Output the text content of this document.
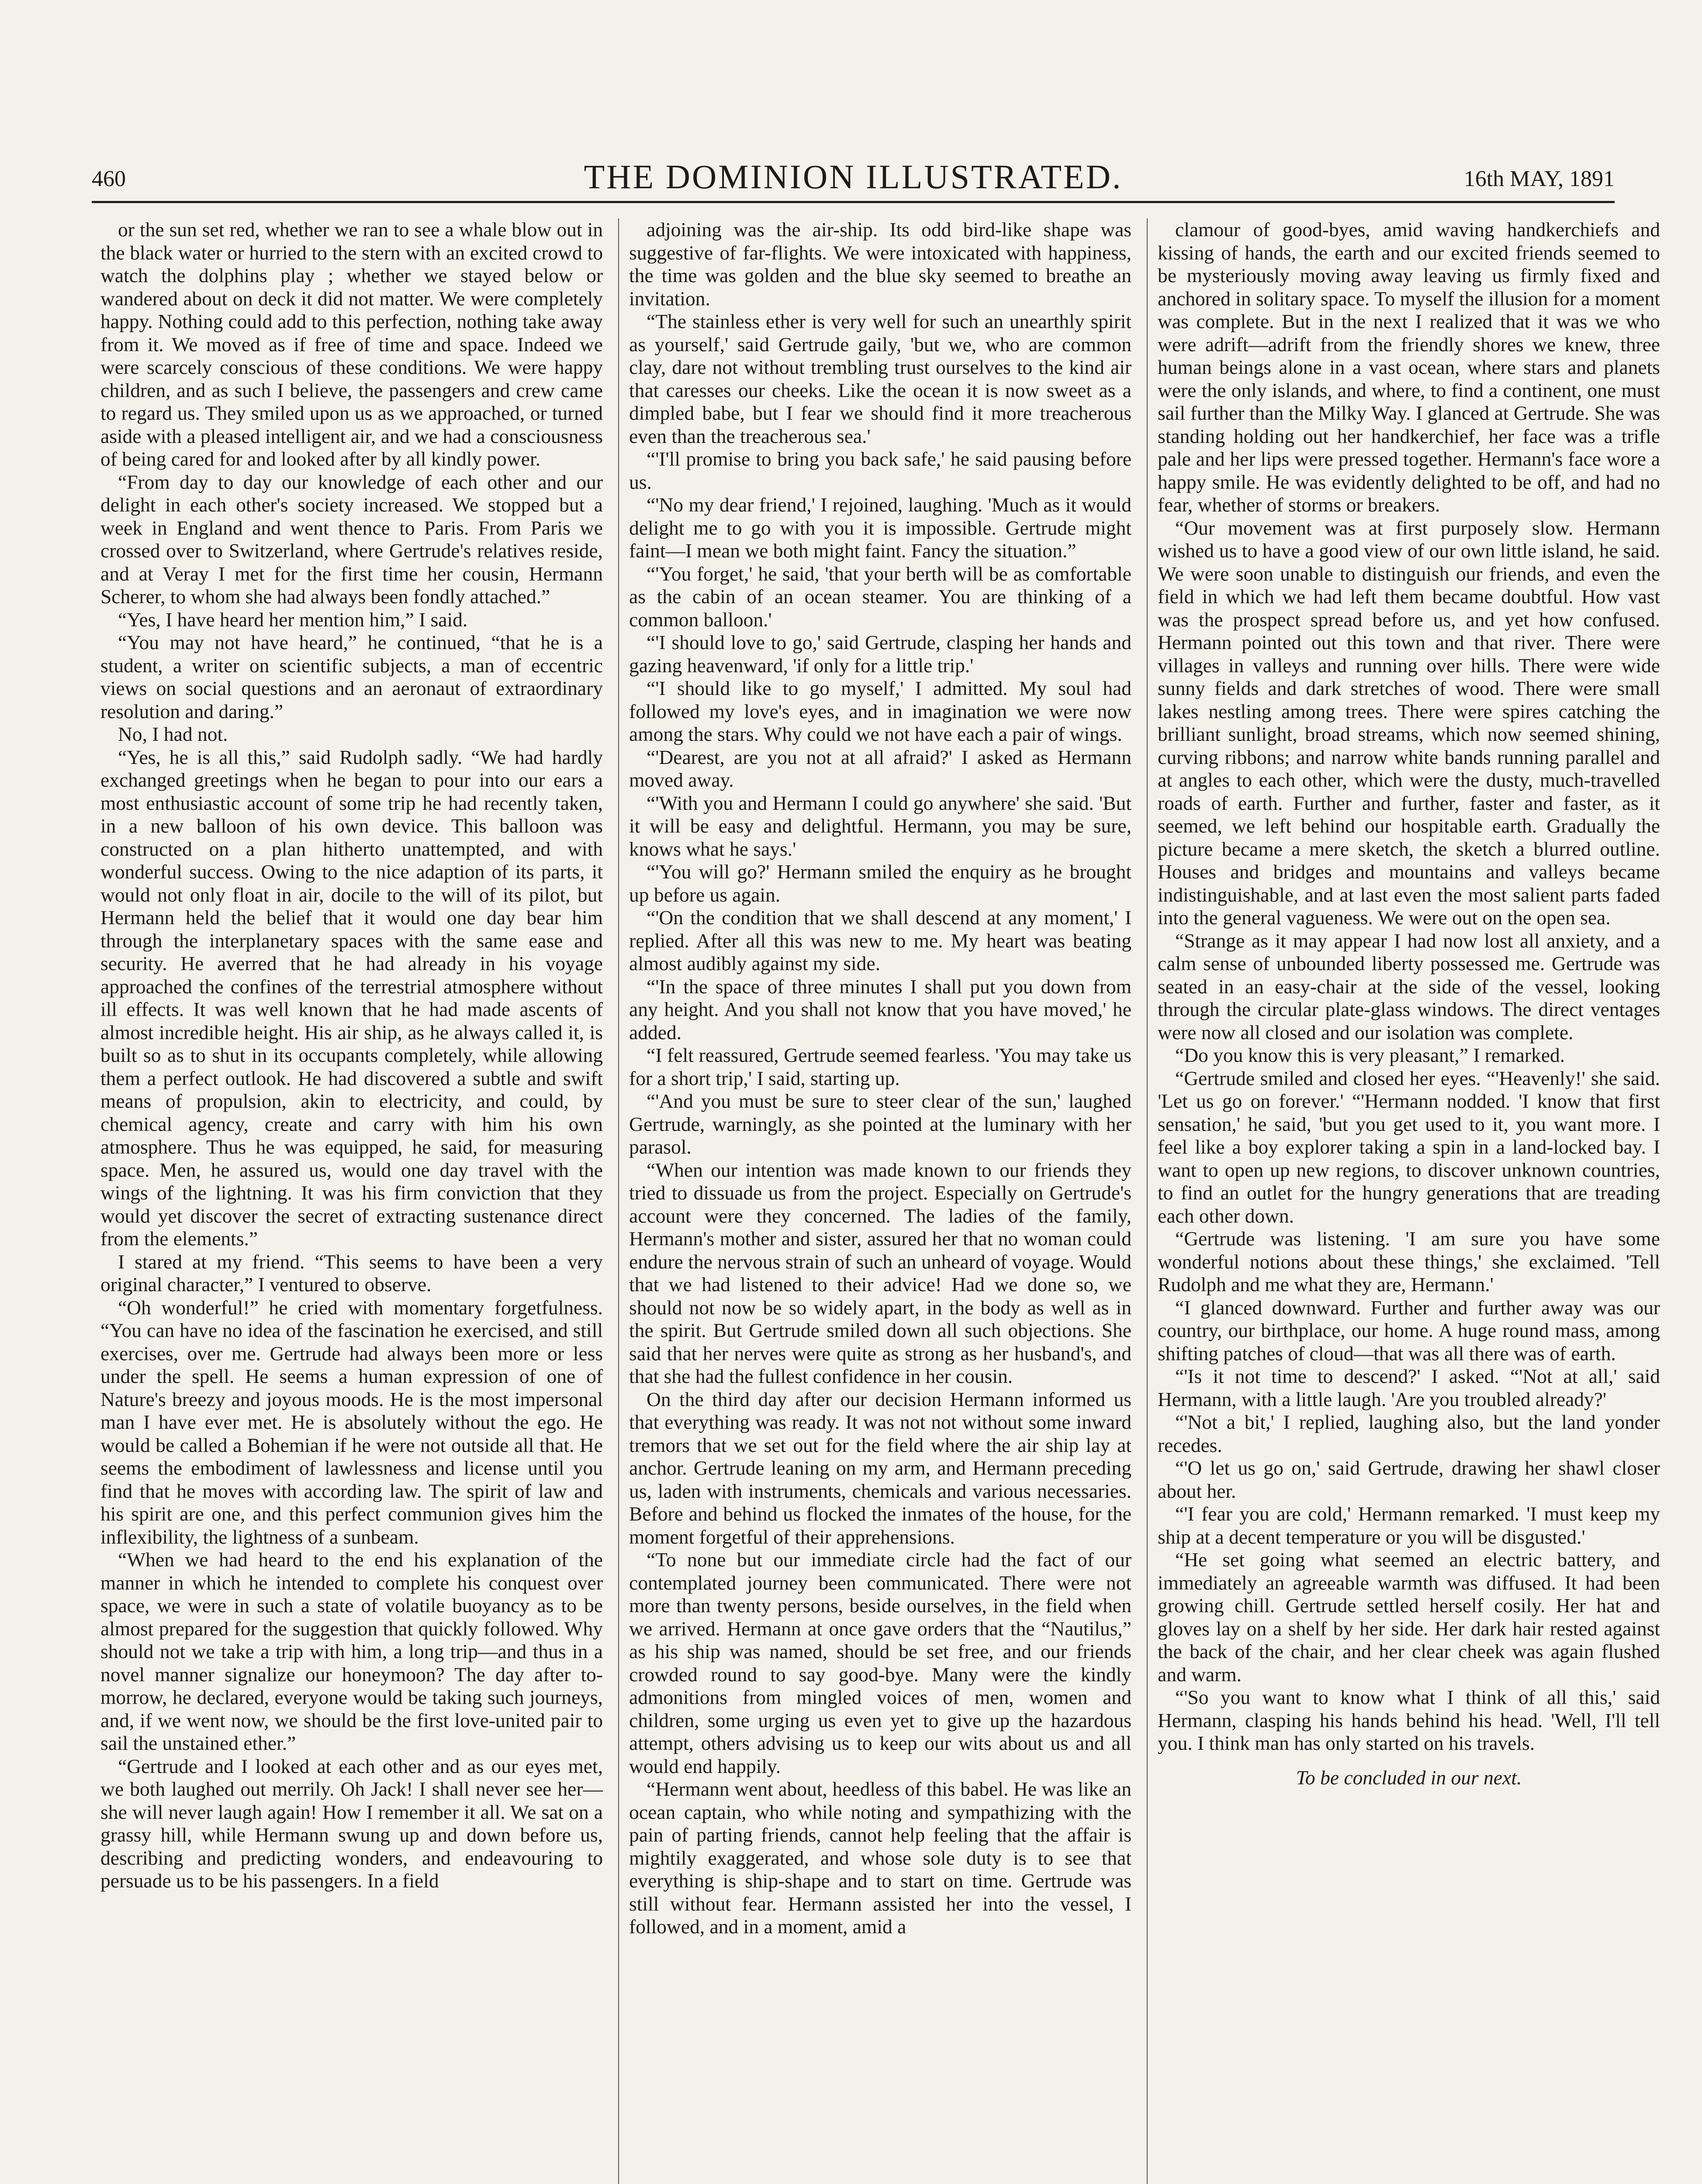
460	THE DOMINION ILLUSTRATED.	16th MAY, 1891

or the sun set red, whether we ran to see a whale blow out in the black water or hurried to the stern with an excited crowd to watch the dolphins play ; whether we stayed below or wandered about on deck it did not matter. We were completely happy. Nothing could add to this perfection, nothing take away from it. We moved as if free of time and space. Indeed we were scarcely conscious of these conditions. We were happy children, and as such I believe, the passengers and crew came to regard us. They smiled upon us as we approached, or turned aside with a pleased intelligent air, and we had a consciousness of being cared for and looked after by all kindly power.

“From day to day our knowledge of each other and our delight in each other's society increased. We stopped but a week in England and went thence to Paris. From Paris we crossed over to Switzerland, where Gertrude's relatives reside, and at Veray I met for the first time her cousin, Hermann Scherer, to whom she had always been fondly attached.”

“Yes, I have heard her mention him,” I said.

“You may not have heard,” he continued, “that he is a student, a writer on scientific subjects, a man of eccentric views on social questions and an aeronaut of extraordinary resolution and daring.”

No, I had not.

“Yes, he is all this,” said Rudolph sadly. “We had hardly exchanged greetings when he began to pour into our ears a most enthusiastic account of some trip he had recently taken, in a new balloon of his own device. This balloon was constructed on a plan hitherto unattempted, and with wonderful success. Owing to the nice adaption of its parts, it would not only float in air, docile to the will of its pilot, but Hermann held the belief that it would one day bear him through the interplanetary spaces with the same ease and security. He averred that he had already in his voyage approached the confines of the terrestrial atmosphere without ill effects. It was well known that he had made ascents of almost incredible height. His air ship, as he always called it, is built so as to shut in its occupants completely, while allowing them a perfect outlook. He had discovered a subtle and swift means of propulsion, akin to electricity, and could, by chemical agency, create and carry with him his own atmosphere. Thus he was equipped, he said, for measuring space. Men, he assured us, would one day travel with the wings of the lightning. It was his firm conviction that they would yet discover the secret of extracting sustenance direct from the elements.”

I stared at my friend. “This seems to have been a very original character,” I ventured to observe.

“Oh wonderful!” he cried with momentary forgetfulness. “You can have no idea of the fascination he exercised, and still exercises, over me. Gertrude had always been more or less under the spell. He seems a human expression of one of Nature's breezy and joyous moods. He is the most impersonal man I have ever met. He is absolutely without the ego. He would be called a Bohemian if he were not outside all that. He seems the embodiment of lawlessness and license until you find that he moves with according law. The spirit of law and his spirit are one, and this perfect communion gives him the inflexibility, the lightness of a sunbeam.

“When we had heard to the end his explanation of the manner in which he intended to complete his conquest over space, we were in such a state of volatile buoyancy as to be almost prepared for the suggestion that quickly followed. Why should not we take a trip with him, a long trip—and thus in a novel manner signalize our honeymoon? The day after to-morrow, he declared, everyone would be taking such journeys, and, if we went now, we should be the first love-united pair to sail the unstained ether.”

“Gertrude and I looked at each other and as our eyes met, we both laughed out merrily. Oh Jack! I shall never see her—she will never laugh again! How I remember it all. We sat on a grassy hill, while Hermann swung up and down before us, describing and predicting wonders, and endeavouring to persuade us to be his passengers. In a field

adjoining was the air-ship. Its odd bird-like shape was suggestive of far-flights. We were intoxicated with happiness, the time was golden and the blue sky seemed to breathe an invitation.

“The stainless ether is very well for such an unearthly spirit as yourself,' said Gertrude gaily, 'but we, who are common clay, dare not without trembling trust ourselves to the kind air that caresses our cheeks. Like the ocean it is now sweet as a dimpled babe, but I fear we should find it more treacherous even than the treacherous sea.'

“'I'll promise to bring you back safe,' he said pausing before us.

“'No my dear friend,' I rejoined, laughing. 'Much as it would delight me to go with you it is impossible. Gertrude might faint—I mean we both might faint. Fancy the situation.”

“'You forget,' he said, 'that your berth will be as comfortable as the cabin of an ocean steamer. You are thinking of a common balloon.'

“'I should love to go,' said Gertrude, clasping her hands and gazing heavenward, 'if only for a little trip.'

“'I should like to go myself,' I admitted. My soul had followed my love's eyes, and in imagination we were now among the stars. Why could we not have each a pair of wings.

“'Dearest, are you not at all afraid?' I asked as Hermann moved away.

“'With you and Hermann I could go anywhere' she said. 'But it will be easy and delightful. Hermann, you may be sure, knows what he says.'

“'You will go?' Hermann smiled the enquiry as he brought up before us again.

“'On the condition that we shall descend at any moment,' I replied. After all this was new to me. My heart was beating almost audibly against my side.

“'In the space of three minutes I shall put you down from any height. And you shall not know that you have moved,' he added.

“I felt reassured, Gertrude seemed fearless. 'You may take us for a short trip,' I said, starting up.

“'And you must be sure to steer clear of the sun,' laughed Gertrude, warningly, as she pointed at the luminary with her parasol.

“When our intention was made known to our friends they tried to dissuade us from the project. Especially on Gertrude's account were they concerned. The ladies of the family, Hermann's mother and sister, assured her that no woman could endure the nervous strain of such an unheard of voyage. Would that we had listened to their advice! Had we done so, we should not now be so widely apart, in the body as well as in the spirit. But Gertrude smiled down all such objections. She said that her nerves were quite as strong as her husband's, and that she had the fullest confidence in her cousin.

On the third day after our decision Hermann informed us that everything was ready. It was not not without some inward tremors that we set out for the field where the air ship lay at anchor. Gertrude leaning on my arm, and Hermann preceding us, laden with instruments, chemicals and various necessaries. Before and behind us flocked the inmates of the house, for the moment forgetful of their apprehensions.

“To none but our immediate circle had the fact of our contemplated journey been communicated. There were not more than twenty persons, beside ourselves, in the field when we arrived. Hermann at once gave orders that the “Nautilus,” as his ship was named, should be set free, and our friends crowded round to say good-bye. Many were the kindly admonitions from mingled voices of men, women and children, some urging us even yet to give up the hazardous attempt, others advising us to keep our wits about us and all would end happily.

“Hermann went about, heedless of this babel. He was like an ocean captain, who while noting and sympathizing with the pain of parting friends, cannot help feeling that the affair is mightily exaggerated, and whose sole duty is to see that everything is ship-shape and to start on time. Gertrude was still without fear. Hermann assisted her into the vessel, I followed, and in a moment, amid a

clamour of good-byes, amid waving handkerchiefs and kissing of hands, the earth and our excited friends seemed to be mysteriously moving away leaving us firmly fixed and anchored in solitary space. To myself the illusion for a moment was complete. But in the next I realized that it was we who were adrift—adrift from the friendly shores we knew, three human beings alone in a vast ocean, where stars and planets were the only islands, and where, to find a continent, one must sail further than the Milky Way. I glanced at Gertrude. She was standing holding out her handkerchief, her face was a trifle pale and her lips were pressed together. Hermann's face wore a happy smile. He was evidently delighted to be off, and had no fear, whether of storms or breakers.

“Our movement was at first purposely slow. Hermann wished us to have a good view of our own little island, he said. We were soon unable to distinguish our friends, and even the field in which we had left them became doubtful. How vast was the prospect spread before us, and yet how confused. Hermann pointed out this town and that river. There were villages in valleys and running over hills. There were wide sunny fields and dark stretches of wood. There were small lakes nestling among trees. There were spires catching the brilliant sunlight, broad streams, which now seemed shining, curving ribbons; and narrow white bands running parallel and at angles to each other, which were the dusty, much-travelled roads of earth. Further and further, faster and faster, as it seemed, we left behind our hospitable earth. Gradually the picture became a mere sketch, the sketch a blurred outline. Houses and bridges and mountains and valleys became indistinguishable, and at last even the most salient parts faded into the general vagueness. We were out on the open sea.

“Strange as it may appear I had now lost all anxiety, and a calm sense of unbounded liberty possessed me. Gertrude was seated in an easy-chair at the side of the vessel, looking through the circular plate-glass windows. The direct ventages were now all closed and our isolation was complete.

“Do you know this is very pleasant,” I remarked.

“Gertrude smiled and closed her eyes. “'Heavenly!' she said. 'Let us go on forever.' “'Hermann nodded. 'I know that first sensation,' he said, 'but you get used to it, you want more. I feel like a boy explorer taking a spin in a land-locked bay. I want to open up new regions, to discover unknown countries, to find an outlet for the hungry generations that are treading each other down.

“Gertrude was listening. 'I am sure you have some wonderful notions about these things,' she exclaimed. 'Tell Rudolph and me what they are, Hermann.'

“I glanced downward. Further and further away was our country, our birthplace, our home. A huge round mass, among shifting patches of cloud—that was all there was of earth.

“'Is it not time to descend?' I asked. “'Not at all,' said Hermann, with a little laugh. 'Are you troubled already?'

“'Not a bit,' I replied, laughing also, but the land yonder recedes.

“'O let us go on,' said Gertrude, drawing her shawl closer about her.

“'I fear you are cold,' Hermann remarked. 'I must keep my ship at a decent temperature or you will be disgusted.'

“He set going what seemed an electric battery, and immediately an agreeable warmth was diffused. It had been growing chill. Gertrude settled herself cosily. Her hat and gloves lay on a shelf by her side. Her dark hair rested against the back of the chair, and her clear cheek was again flushed and warm.

“'So you want to know what I think of all this,' said Hermann, clasping his hands behind his head. 'Well, I'll tell you. I think man has only started on his travels.

To be concluded in our next.
